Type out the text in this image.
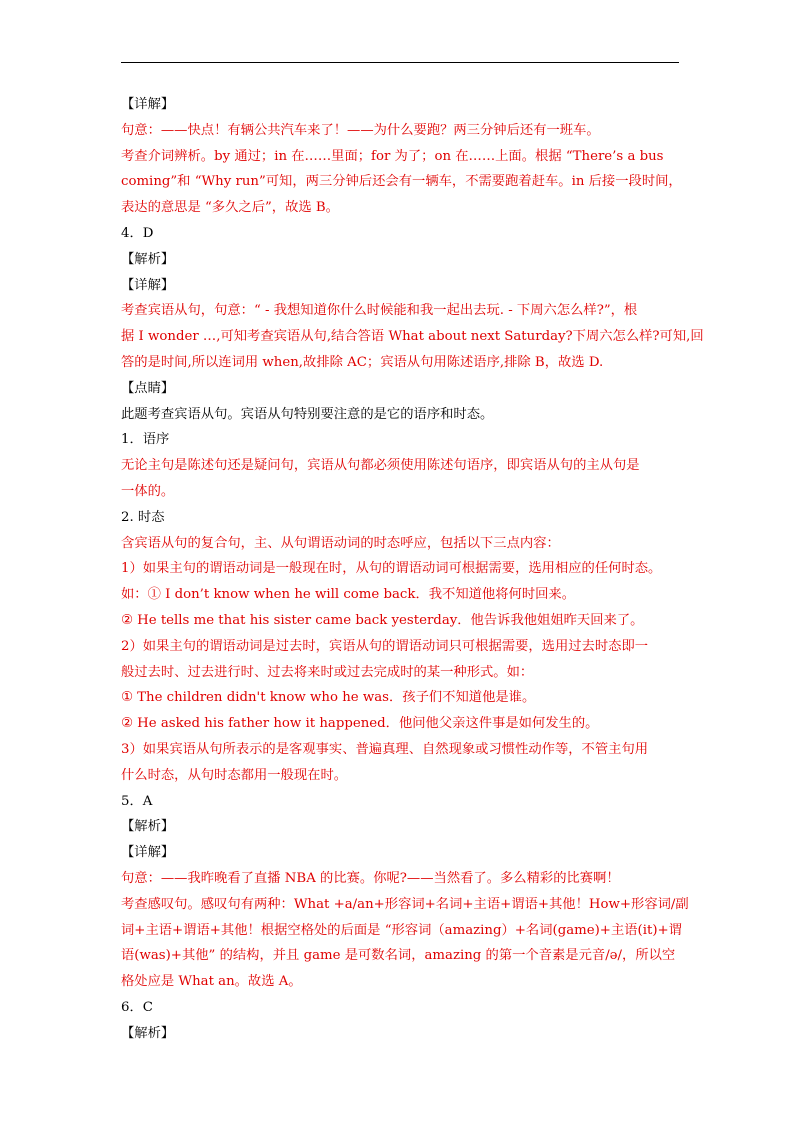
【详解】
句意：——快点！有辆公共汽车来了！——为什么要跑？两三分钟后还有一班车。
考查介词辨析。by 通过；in 在……里面；for 为了；on 在……上面。根据 “There’s a bus
coming”和 “Why run”可知，两三分钟后还会有一辆车，不需要跑着赶车。in 后接一段时间，
表达的意思是 “多久之后”，故选 B。
4．D
【解析】
【详解】
考查宾语从句，句意：“ - 我想知道你什么时候能和我一起出去玩. - 下周六怎么样?”，根
据 I wonder …,可知考查宾语从句,结合答语 What about next Saturday?下周六怎么样?可知,回
答的是时间,所以连词用 when,故排除 AC；宾语从句用陈述语序,排除 B，故选 D.
【点睛】
此题考查宾语从句。宾语从句特别要注意的是它的语序和时态。
1．语序
无论主句是陈述句还是疑问句，宾语从句都必须使用陈述句语序，即宾语从句的主从句是
一体的。
2. 时态
含宾语从句的复合句，主、从句谓语动词的时态呼应，包括以下三点内容：
1）如果主句的谓语动词是一般现在时，从句的谓语动词可根据需要，选用相应的任何时态。
如：① I don’t know when he will come back．我不知道他将何时回来。
② He tells me that his sister came back yesterday．他告诉我他姐姐昨天回来了。
2）如果主句的谓语动词是过去时，宾语从句的谓语动词只可根据需要，选用过去时态即一
般过去时、过去进行时、过去将来时或过去完成时的某一种形式。如：
① The children didn't know who he was．孩子们不知道他是谁。
② He asked his father how it happened．他问他父亲这件事是如何发生的。
3）如果宾语从句所表示的是客观事实、普遍真理、自然现象或习惯性动作等，不管主句用
什么时态，从句时态都用一般现在时。
5．A
【解析】
【详解】
句意：——我昨晚看了直播 NBA 的比赛。你呢?——当然看了。多么精彩的比赛啊！
考查感叹句。感叹句有两种：What +a/an+形容词+名词+主语+谓语+其他！How+形容词/副
词+主语+谓语+其他！根据空格处的后面是 “形容词（amazing）+名词(game)+主语(it)+谓
语(was)+其他” 的结构，并且 game 是可数名词，amazing 的第一个音素是元音/ə/，所以空
格处应是 What an。故选 A。
6．C
【解析】
